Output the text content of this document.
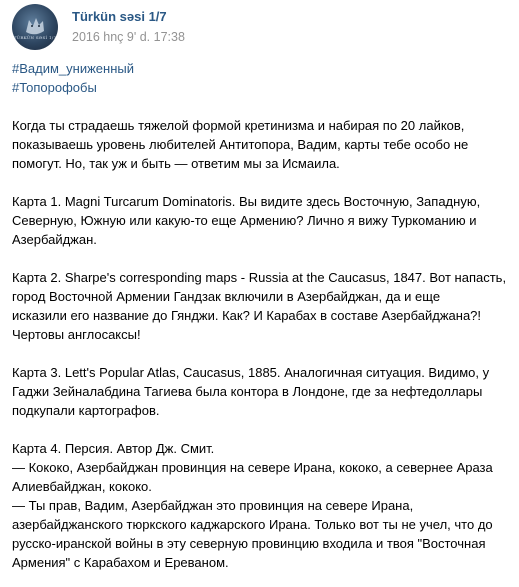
TÜRKÜN SƏSİ 1/7
Türkün səsi 1/7
2016 hnç 9' d. 17:38
#Вадим_униженный
#Топорофобы
Когда ты страдаешь тяжелой формой кретинизма и набирая по 20 лайков,
показываешь уровень любителей Антитопора, Вадим, карты тебе особо не
помогут. Но, так уж и быть — ответим мы за Исмаила.
Карта 1. Magni Turcarum Dominatoris. Вы видите здесь Восточную, Западную,
Северную, Южную или какую-то еще Армению? Лично я вижу Туркоманию и
Азербайджан.
Карта 2. Sharpe's corresponding maps - Russia at the Caucasus, 1847. Вот напасть,
город Восточной Армении Гандзак включили в Азербайджан, да и еще
исказили его название до Гянджи. Как? И Карабах в составе Азербайджана?!
Чертовы англосаксы!
Карта 3. Lett's Popular Atlas, Caucasus, 1885. Аналогичная ситуация. Видимо, у
Гаджи Зейналабдина Тагиева была контора в Лондоне, где за нефтедоллары
подкупали картографов.
Карта 4. Персия. Автор Дж. Смит.
— Кококо, Азербайджан провинция на севере Ирана, кококо, а севернее Араза
Алиевбайджан, кококо.
— Ты прав, Вадим, Азербайджан это провинция на севере Ирана,
азербайджанского тюркского каджарского Ирана. Только вот ты не учел, что до
русско-иранской войны в эту северную провинцию входила и твоя "Восточная
Армения" с Карабахом и Ереваном.
